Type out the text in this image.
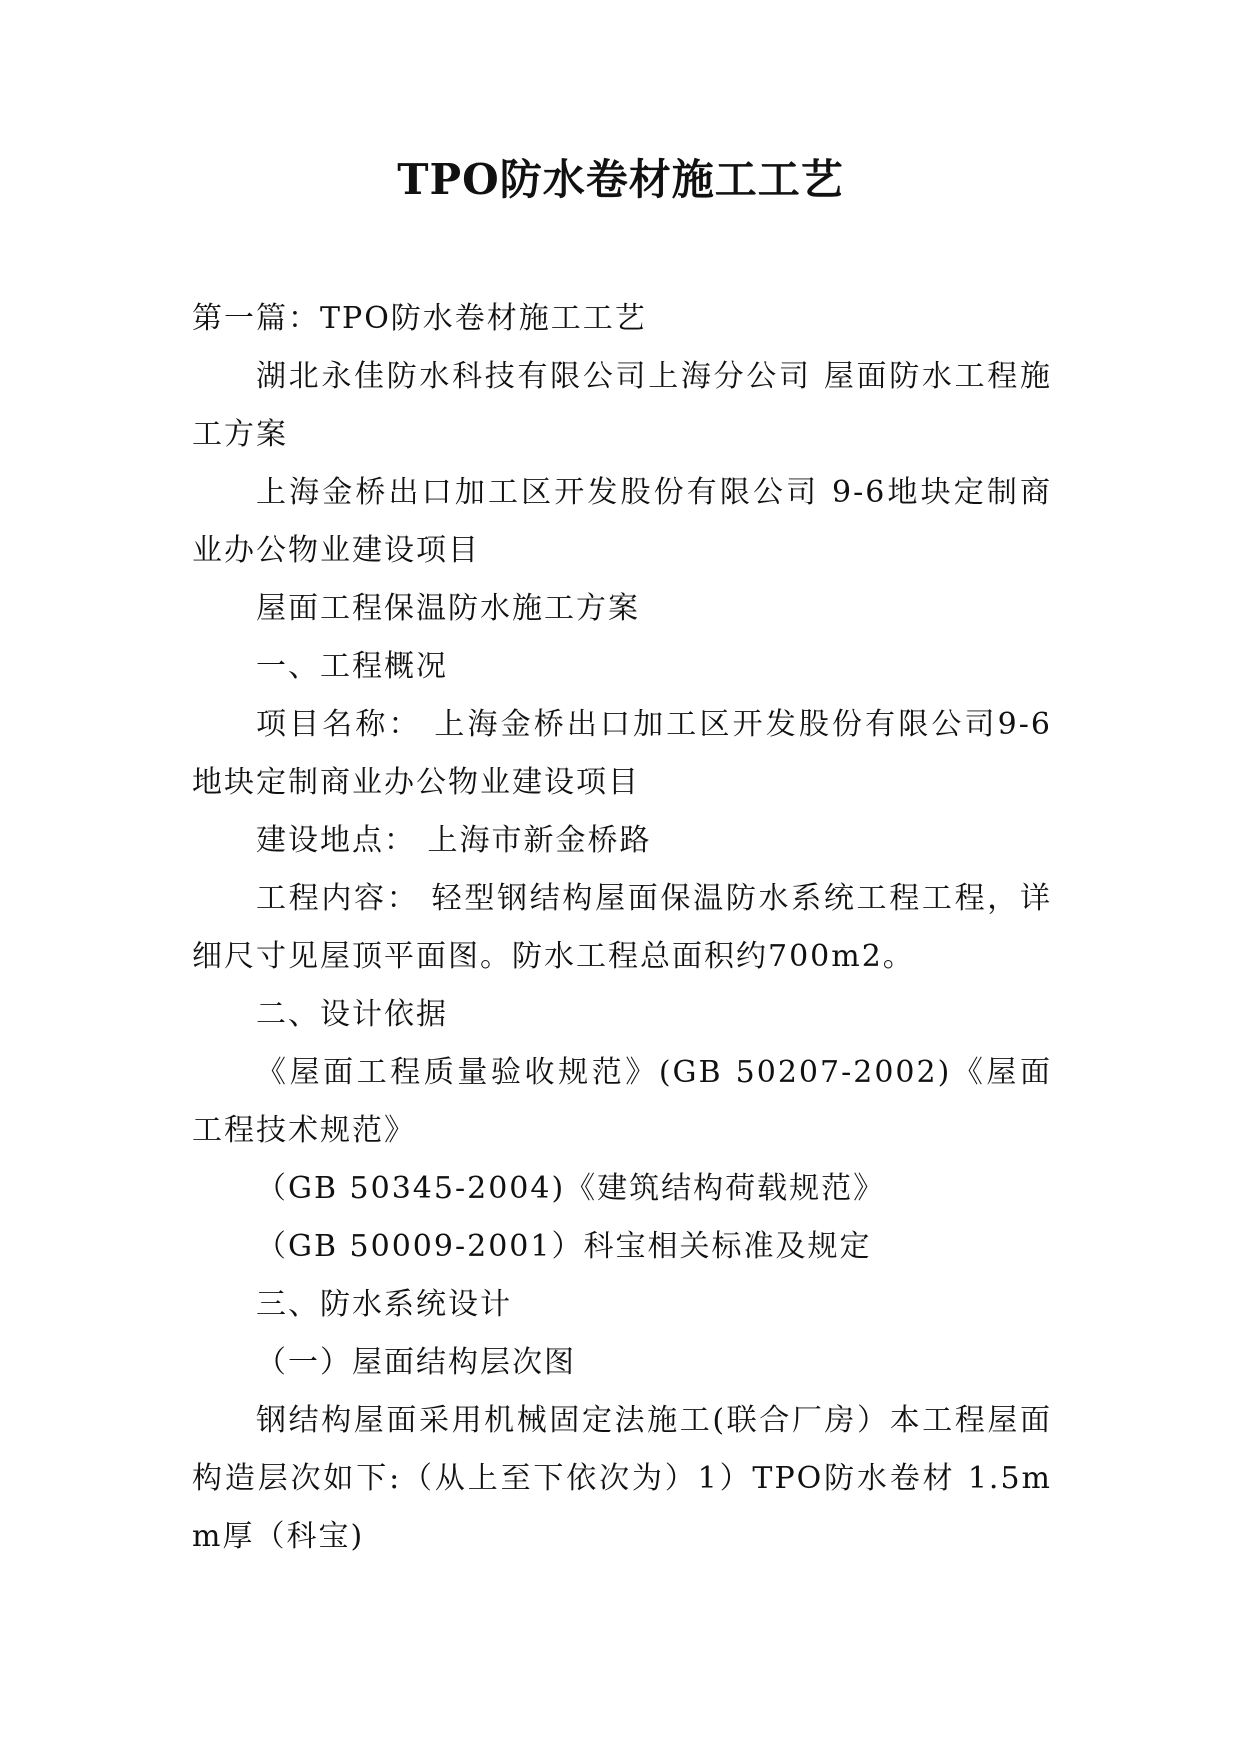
TPO防水卷材施工工艺

第一篇：TPO防水卷材施工工艺

湖北永佳防水科技有限公司上海分公司 屋面防水工程施工方案

上海金桥出口加工区开发股份有限公司 9-6地块定制商业办公物业建设项目

屋面工程保温防水施工方案

一、工程概况

项目名称： 上海金桥出口加工区开发股份有限公司9-6地块定制商业办公物业建设项目

建设地点： 上海市新金桥路

工程内容： 轻型钢结构屋面保温防水系统工程工程，详细尺寸见屋顶平面图。防水工程总面积约700m2。

二、设计依据

《屋面工程质量验收规范》(GB 50207-2002)《屋面工程技术规范》

（GB 50345-2004)《建筑结构荷载规范》

（GB 50009-2001）科宝相关标准及规定

三、防水系统设计

（一）屋面结构层次图

钢结构屋面采用机械固定法施工(联合厂房）本工程屋面构造层次如下:（从上至下依次为）1）TPO防水卷材 1.5mm厚（科宝)
